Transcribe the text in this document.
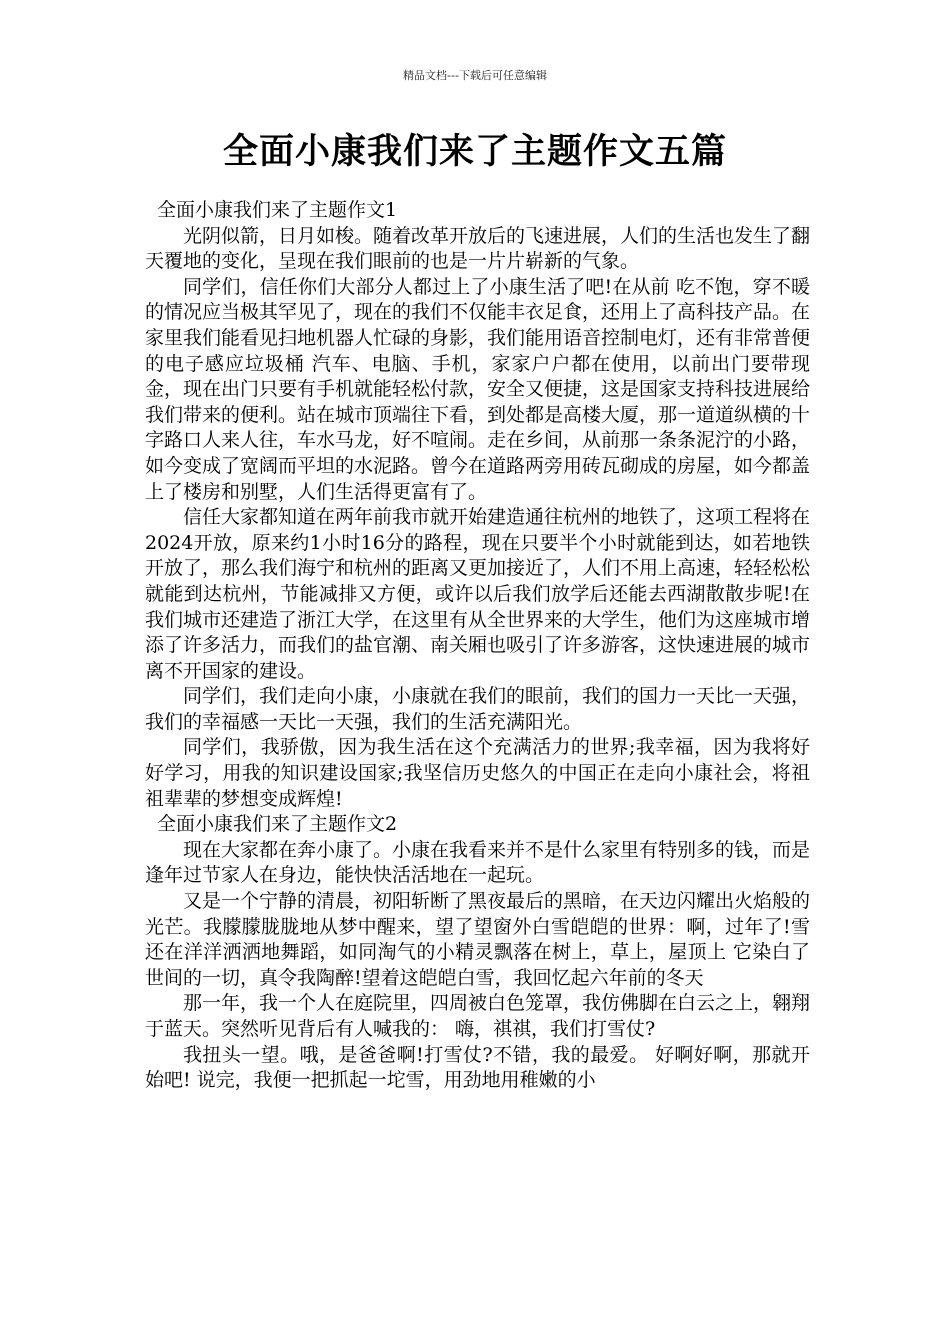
精品文档---下载后可任意编辑
全面小康我们来了主题作文五篇
全面小康我们来了主题作文1

光阴似箭，日月如梭。随着改革开放后的飞速进展，人们的生活也发生了翻天覆地的变化，呈现在我们眼前的也是一片片崭新的气象。

同学们，信任你们大部分人都过上了小康生活了吧!在从前 吃不饱，穿不暖 的情况应当极其罕见了，现在的我们不仅能丰衣足食，还用上了高科技产品。在家里我们能看见扫地机器人忙碌的身影，我们能用语音控制电灯，还有非常普便的电子感应垃圾桶 汽车、电脑、手机，家家户户都在使用，以前出门要带现金，现在出门只要有手机就能轻松付款，安全又便捷，这是国家支持科技进展给我们带来的便利。站在城市顶端往下看，到处都是高楼大厦，那一道道纵横的十字路口人来人往，车水马龙，好不喧闹。走在乡间，从前那一条条泥泞的小路，如今变成了宽阔而平坦的水泥路。曾今在道路两旁用砖瓦砌成的房屋，如今都盖上了楼房和别墅，人们生活得更富有了。

信任大家都知道在两年前我市就开始建造通往杭州的地铁了，这项工程将在2024开放，原来约1小时16分的路程，现在只要半个小时就能到达，如若地铁开放了，那么我们海宁和杭州的距离又更加接近了，人们不用上高速，轻轻松松就能到达杭州，节能减排又方便，或许以后我们放学后还能去西湖散散步呢!在我们城市还建造了浙江大学，在这里有从全世界来的大学生，他们为这座城市增添了许多活力，而我们的盐官潮、南关厢也吸引了许多游客，这快速进展的城市离不开国家的建设。

同学们，我们走向小康，小康就在我们的眼前，我们的国力一天比一天强，我们的幸福感一天比一天强，我们的生活充满阳光。

同学们，我骄傲，因为我生活在这个充满活力的世界;我幸福，因为我将好好学习，用我的知识建设国家;我坚信历史悠久的中国正在走向小康社会，将祖祖辈辈的梦想变成辉煌!

全面小康我们来了主题作文2

现在大家都在奔小康了。小康在我看来并不是什么家里有特别多的钱，而是逢年过节家人在身边，能快快活活地在一起玩。

又是一个宁静的清晨，初阳斩断了黑夜最后的黑暗，在天边闪耀出火焰般的光芒。我朦朦胧胧地从梦中醒来，望了望窗外白雪皑皑的世界：啊，过年了!雪还在洋洋洒洒地舞蹈，如同淘气的小精灵飘落在树上，草上，屋顶上 它染白了世间的一切，真令我陶醉!望着这皑皑白雪，我回忆起六年前的冬天

那一年，我一个人在庭院里，四周被白色笼罩，我仿佛脚在白云之上，翱翔于蓝天。突然听见背后有人喊我的： 嗨，祺祺，我们打雪仗?

我扭头一望。哦，是爸爸啊!打雪仗?不错，我的最爱。 好啊好啊，那就开始吧! 说完，我便一把抓起一坨雪，用劲地用稚嫩的小
